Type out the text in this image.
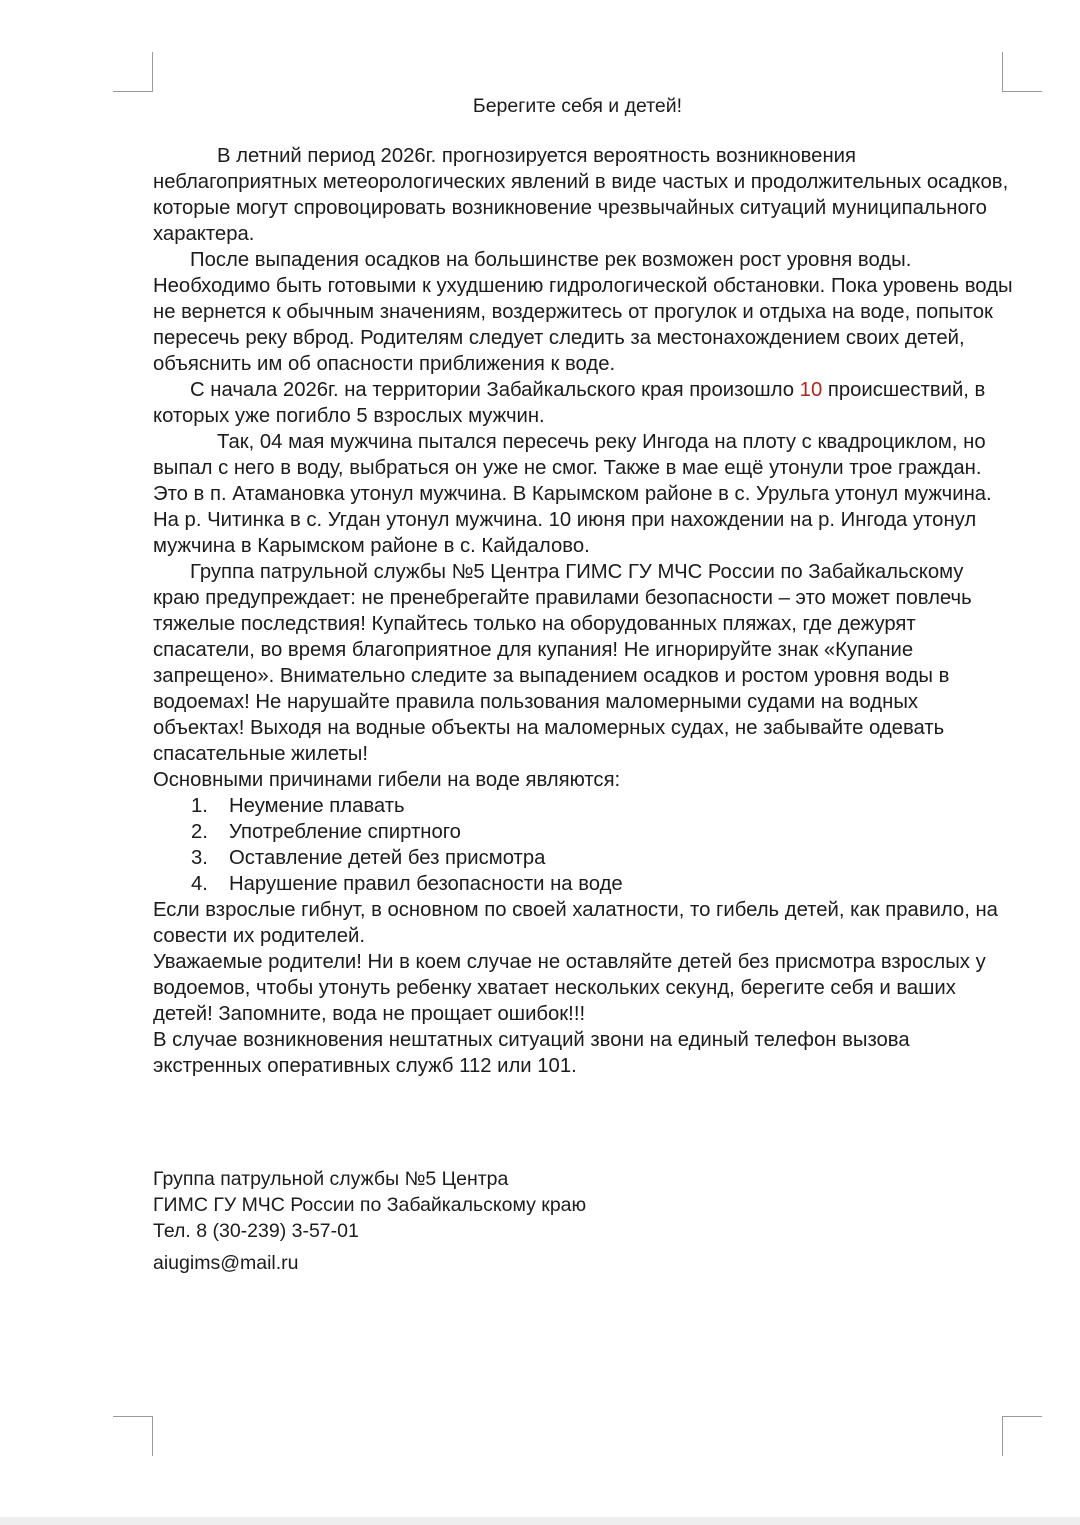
Берегите себя и детей!

В летний период 2026г. прогнозируется вероятность возникновения неблагоприятных метеорологических явлений в виде частых и продолжительных осадков, которые могут спровоцировать возникновение чрезвычайных ситуаций муниципального характера.

После выпадения осадков на большинстве рек возможен рост уровня воды. Необходимо быть готовыми к ухудшению гидрологической обстановки. Пока уровень воды не вернется к обычным значениям, воздержитесь от прогулок и отдыха на воде, попыток пересечь реку вброд. Родителям следует следить за местонахождением своих детей, объяснить им об опасности приближения к воде.

С начала 2026г. на территории Забайкальского края произошло 10 происшествий, в которых уже погибло 5 взрослых мужчин.

Так, 04 мая мужчина пытался пересечь реку Ингода на плоту с квадроциклом, но выпал с него в воду, выбраться он уже не смог. Также в мае ещё утонули трое граждан. Это в п. Атамановка утонул мужчина. В Карымском районе в с. Урульга утонул мужчина. На р. Читинка в с. Угдан утонул мужчина. 10 июня при нахождении на р. Ингода утонул мужчина в Карымском районе в с. Кайдалово.

Группа патрульной службы №5 Центра ГИМС ГУ МЧС России по Забайкальскому краю предупреждает: не пренебрегайте правилами безопасности – это может повлечь тяжелые последствия! Купайтесь только на оборудованных пляжах, где дежурят спасатели, во время благоприятное для купания! Не игнорируйте знак «Купание запрещено». Внимательно следите за выпадением осадков и ростом уровня воды в водоемах! Не нарушайте правила пользования маломерными судами на водных объектах! Выходя на водные объекты на маломерных судах, не забывайте одевать спасательные жилеты!

Основными причинами гибели на воде являются:

1. Неумение плавать
2. Употребление спиртного
3. Оставление детей без присмотра
4. Нарушение правил безопасности на воде

Если взрослые гибнут, в основном по своей халатности, то гибель детей, как правило, на совести их родителей.

Уважаемые родители! Ни в коем случае не оставляйте детей без присмотра взрослых у водоемов, чтобы утонуть ребенку хватает нескольких секунд, берегите себя и ваших детей! Запомните, вода не прощает ошибок!!!

В случае возникновения нештатных ситуаций звони на единый телефон вызова экстренных оперативных служб 112 или 101.

Группа патрульной службы №5 Центра

ГИМС ГУ МЧС России по Забайкальскому краю

Тел. 8 (30-239) 3-57-01

aiugims@mail.ru
